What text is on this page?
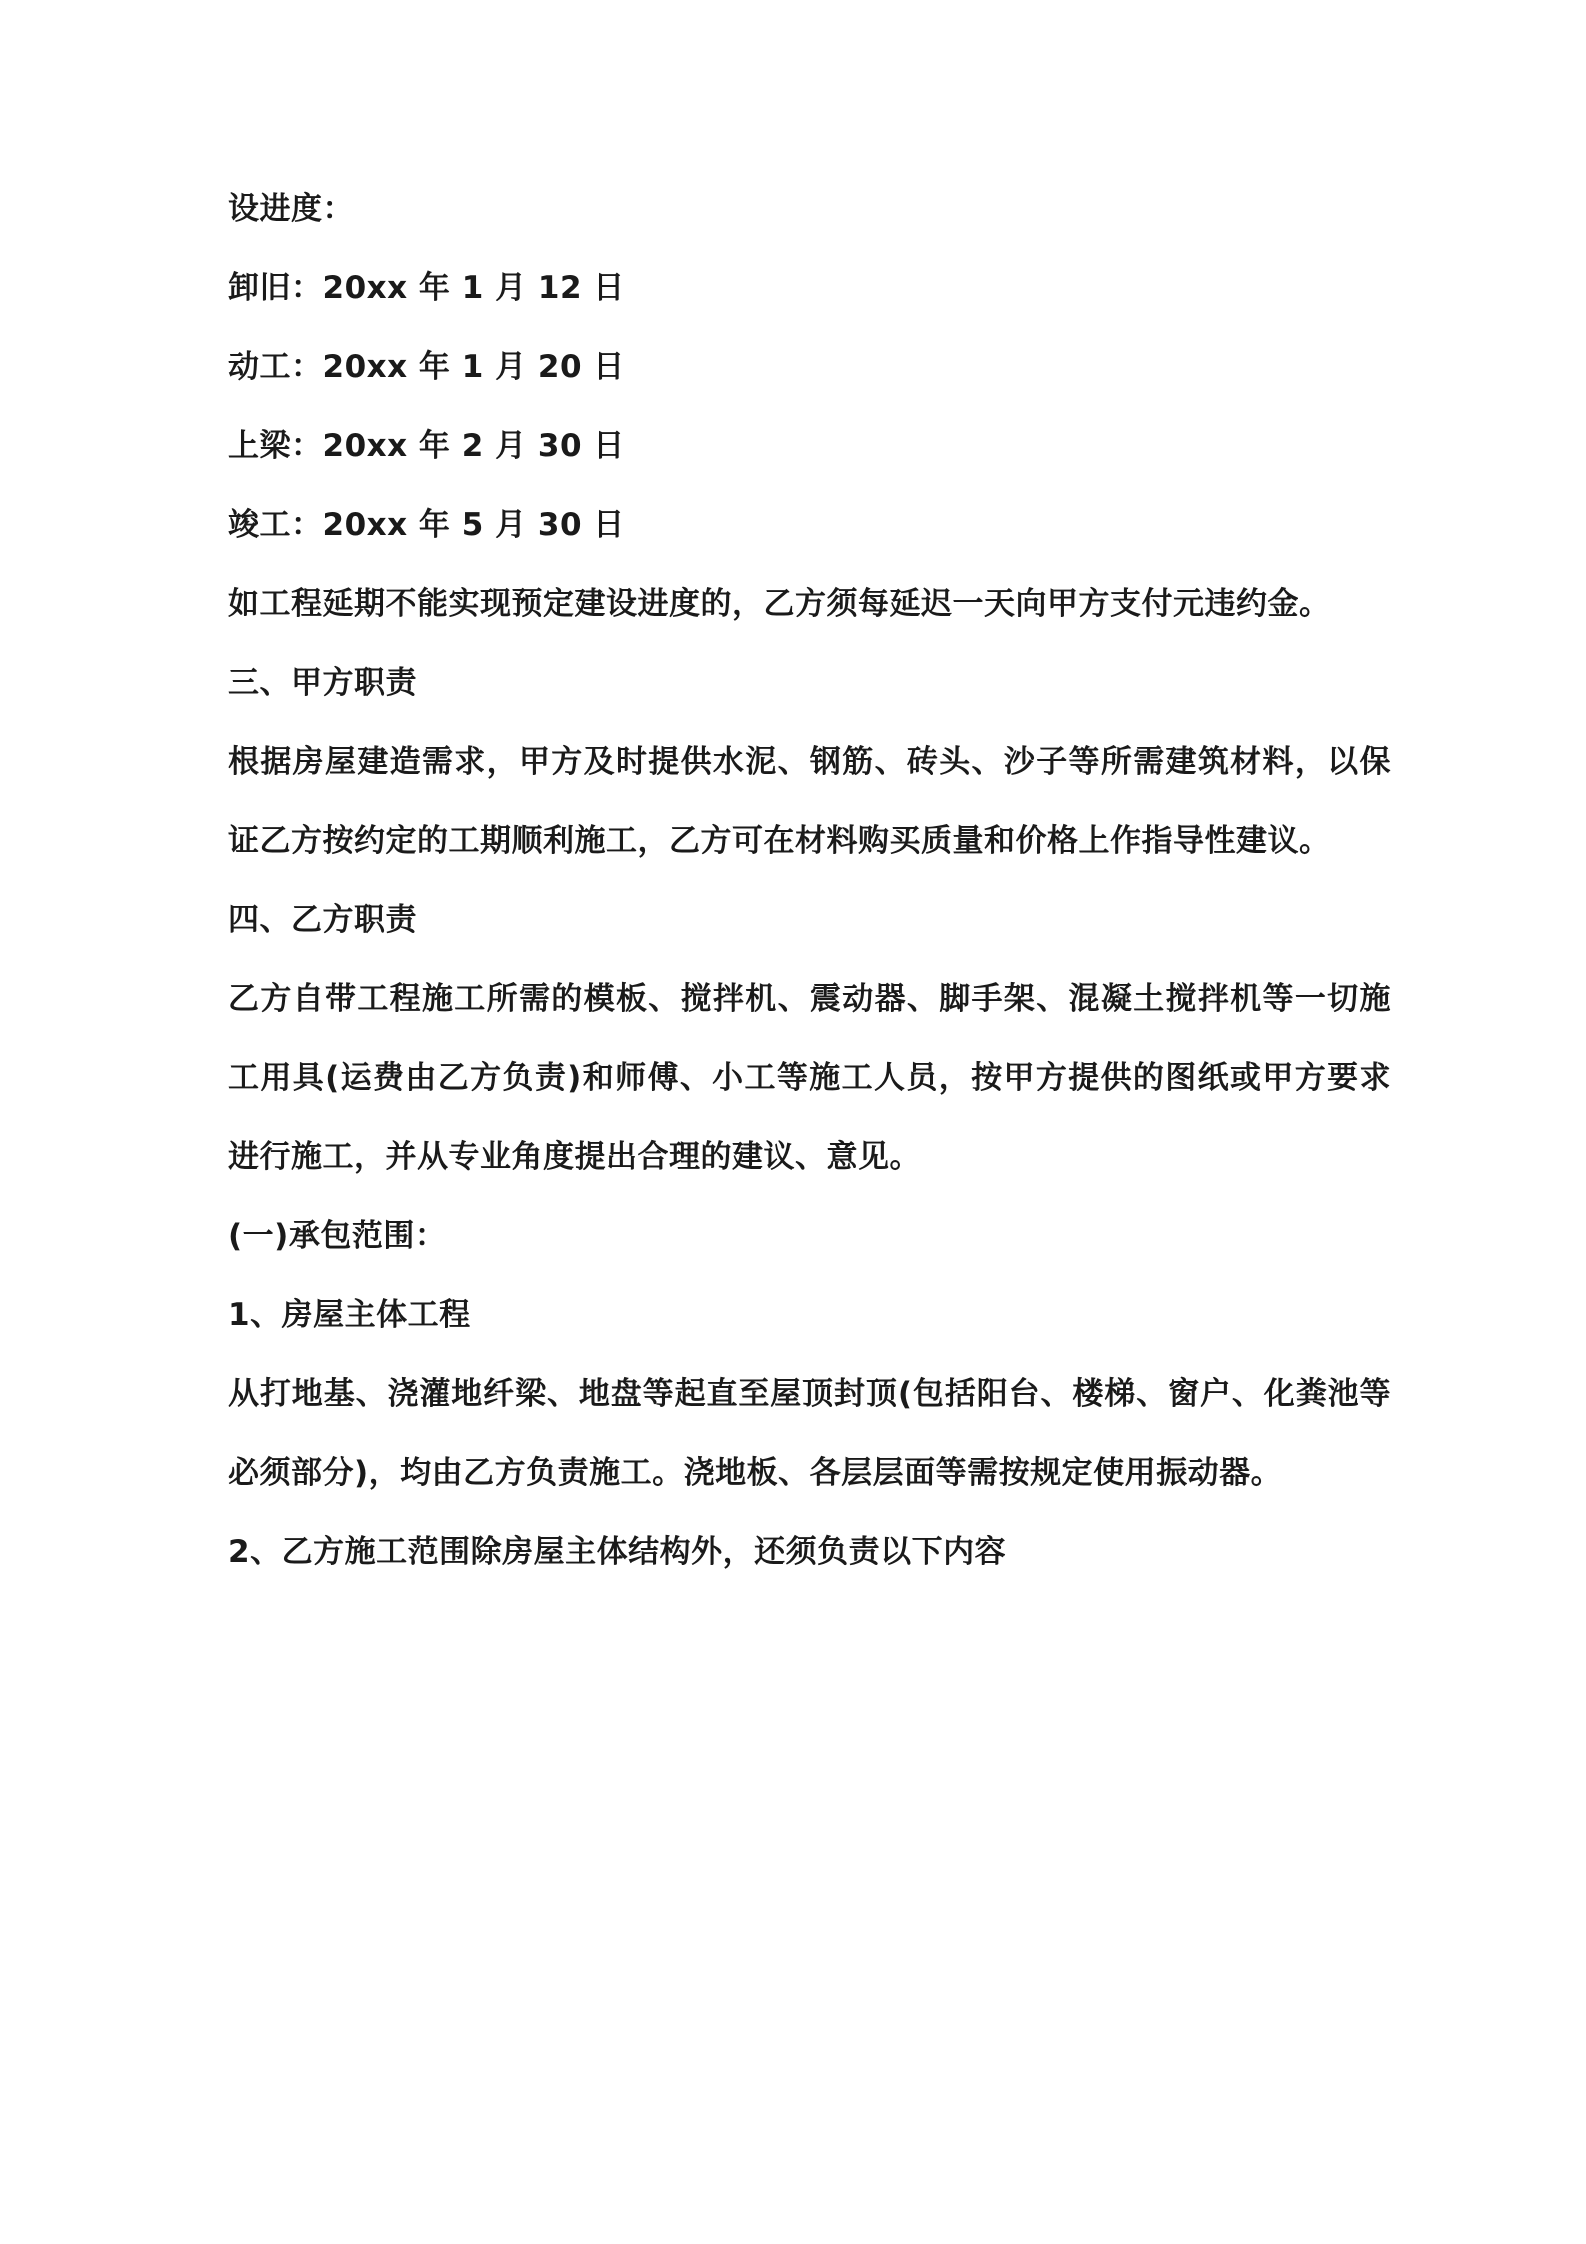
设进度：

卸旧：20xx 年 1 月 12 日

动工：20xx 年 1 月 20 日

上梁：20xx 年 2 月 30 日

竣工：20xx 年 5 月 30 日

如工程延期不能实现预定建设进度的，乙方须每延迟一天向甲方支付元违约金。

三、甲方职责

根据房屋建造需求，甲方及时提供水泥、钢筋、砖头、沙子等所需建筑材料，以保证乙方按约定的工期顺利施工，乙方可在材料购买质量和价格上作指导性建议。

四、乙方职责

乙方自带工程施工所需的模板、搅拌机、震动器、脚手架、混凝土搅拌机等一切施工用具(运费由乙方负责)和师傅、小工等施工人员，按甲方提供的图纸或甲方要求进行施工，并从专业角度提出合理的建议、意见。

(一)承包范围：

1、房屋主体工程

从打地基、浇灌地纤梁、地盘等起直至屋顶封顶(包括阳台、楼梯、窗户、化粪池等必须部分)，均由乙方负责施工。浇地板、各层层面等需按规定使用振动器。

2、乙方施工范围除房屋主体结构外，还须负责以下内容
